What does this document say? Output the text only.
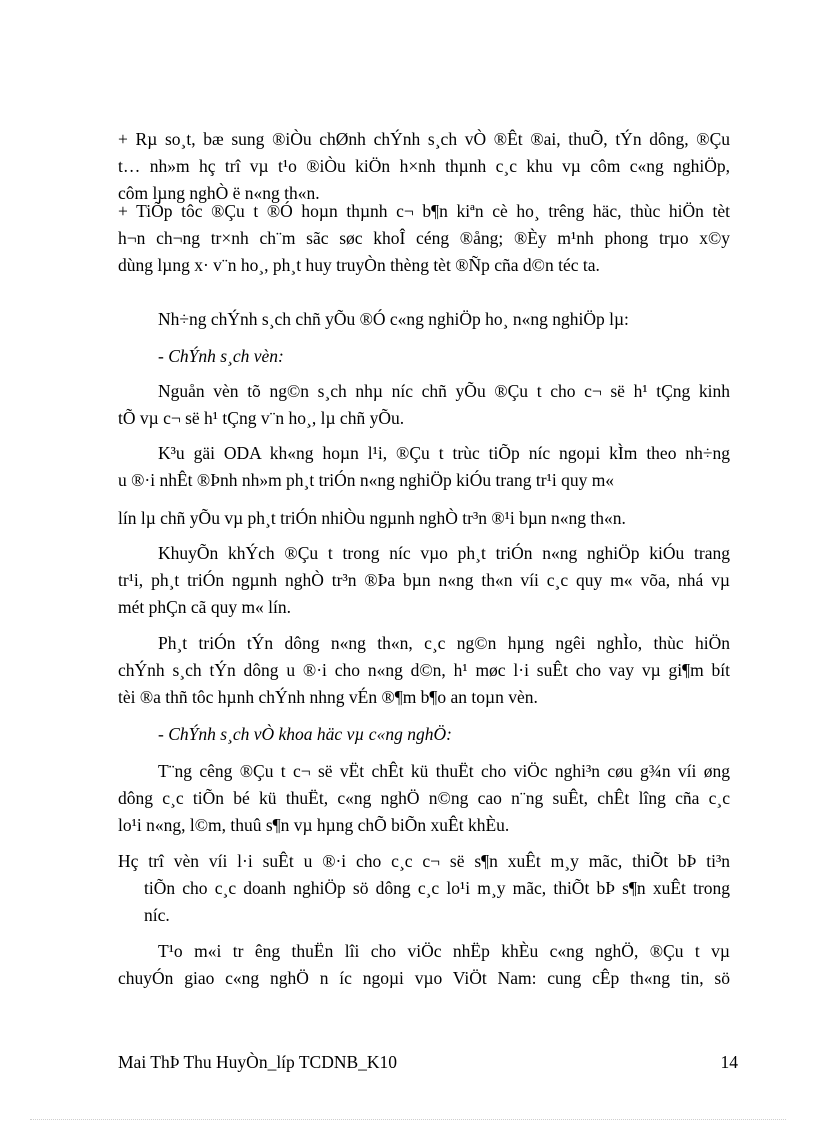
+ Rµ so¸t, bæ sung ®iÒu chØnh chÝnh s¸ch vÒ ®Êt ®ai, thuÕ, tÝn dông, ®Çu

t… nh»m hç trî vµ t¹o ®iÒu kiÖn h×nh thµnh c¸c khu vµ côm c«ng nghiÖp,

côm lµng nghÒ ë n«ng th«n.

+ TiÕp tôc ®Çu t ®Ó hoµn thµnh c¬ b¶n kiªn cè ho¸ trêng häc, thùc hiÖn tèt

h¬n ch¬ng tr×nh ch¨m sãc søc khoÎ céng ®ång; ®Èy m¹nh phong trµo x©y

dùng lµng x· v¨n ho¸, ph¸t huy truyÒn thèng tèt ®Ñp cña d©n téc ta.

Nh÷ng chÝnh s¸ch chñ yÕu ®Ó c«ng nghiÖp ho¸ n«ng nghiÖp lµ:

- ChÝnh s¸ch vèn:

Nguån vèn tõ ng©n s¸ch nhµ níc chñ yÕu ®Çu t cho c¬ së h¹ tÇng kinh

tÕ vµ c¬ së h¹ tÇng v¨n ho¸, lµ chñ yÕu.

K³u gäi ODA kh«ng hoµn l¹i, ®Çu t trùc tiÕp níc ngoµi kÌm theo nh÷ng

u ®·i nhÊt ®Þnh nh»m ph¸t triÓn n«ng nghiÖp kiÓu trang tr¹i quy m«

lín lµ chñ yÕu vµ ph¸t triÓn nhiÒu ngµnh nghÒ tr³n ®¹i bµn n«ng th«n.

KhuyÕn khÝch ®Çu t trong níc vµo ph¸t triÓn n«ng nghiÖp kiÓu trang

tr¹i, ph¸t triÓn ngµnh nghÒ tr³n ®Þa bµn n«ng th«n víi c¸c quy m« võa, nhá vµ

mét phÇn cã quy m« lín.

Ph¸t triÓn tÝn dông n«ng th«n, c¸c ng©n hµng ngêi nghÌo, thùc hiÖn

chÝnh s¸ch tÝn dông u ®·i cho n«ng d©n, h¹ møc l·i suÊt cho vay vµ gi¶m bít

tèi ®a thñ tôc hµnh chÝnh nhng vÉn ®¶m b¶o an toµn vèn.

- ChÝnh s¸ch vÒ khoa häc vµ c«ng nghÖ:

T¨ng cêng ®Çu t c¬ së vËt chÊt kü thuËt cho viÖc nghi³n cøu g¾n víi øng

dông c¸c tiÕn bé kü thuËt, c«ng nghÖ n©ng cao n¨ng suÊt, chÊt lîng cña c¸c

lo¹i n«ng, l©m, thuû s¶n vµ hµng chÕ biÕn xuÊt khÈu.

Hç trî vèn víi l·i suÊt u ®·i cho c¸c c¬ së s¶n xuÊt m¸y mãc, thiÕt bÞ ti³n

tiÕn cho c¸c doanh nghiÖp sö dông c¸c lo¹i m¸y mãc, thiÕt bÞ s¶n xuÊt trong

níc.

T¹o m«i tr êng thuËn lîi cho viÖc nhËp khÈu c«ng nghÖ, ®Çu t vµ

chuyÓn giao c«ng nghÖ n íc ngoµi vµo ViÖt Nam: cung cÊp th«ng tin, sö

Mai ThÞ Thu HuyÒn_líp TCDNB_K10	14
